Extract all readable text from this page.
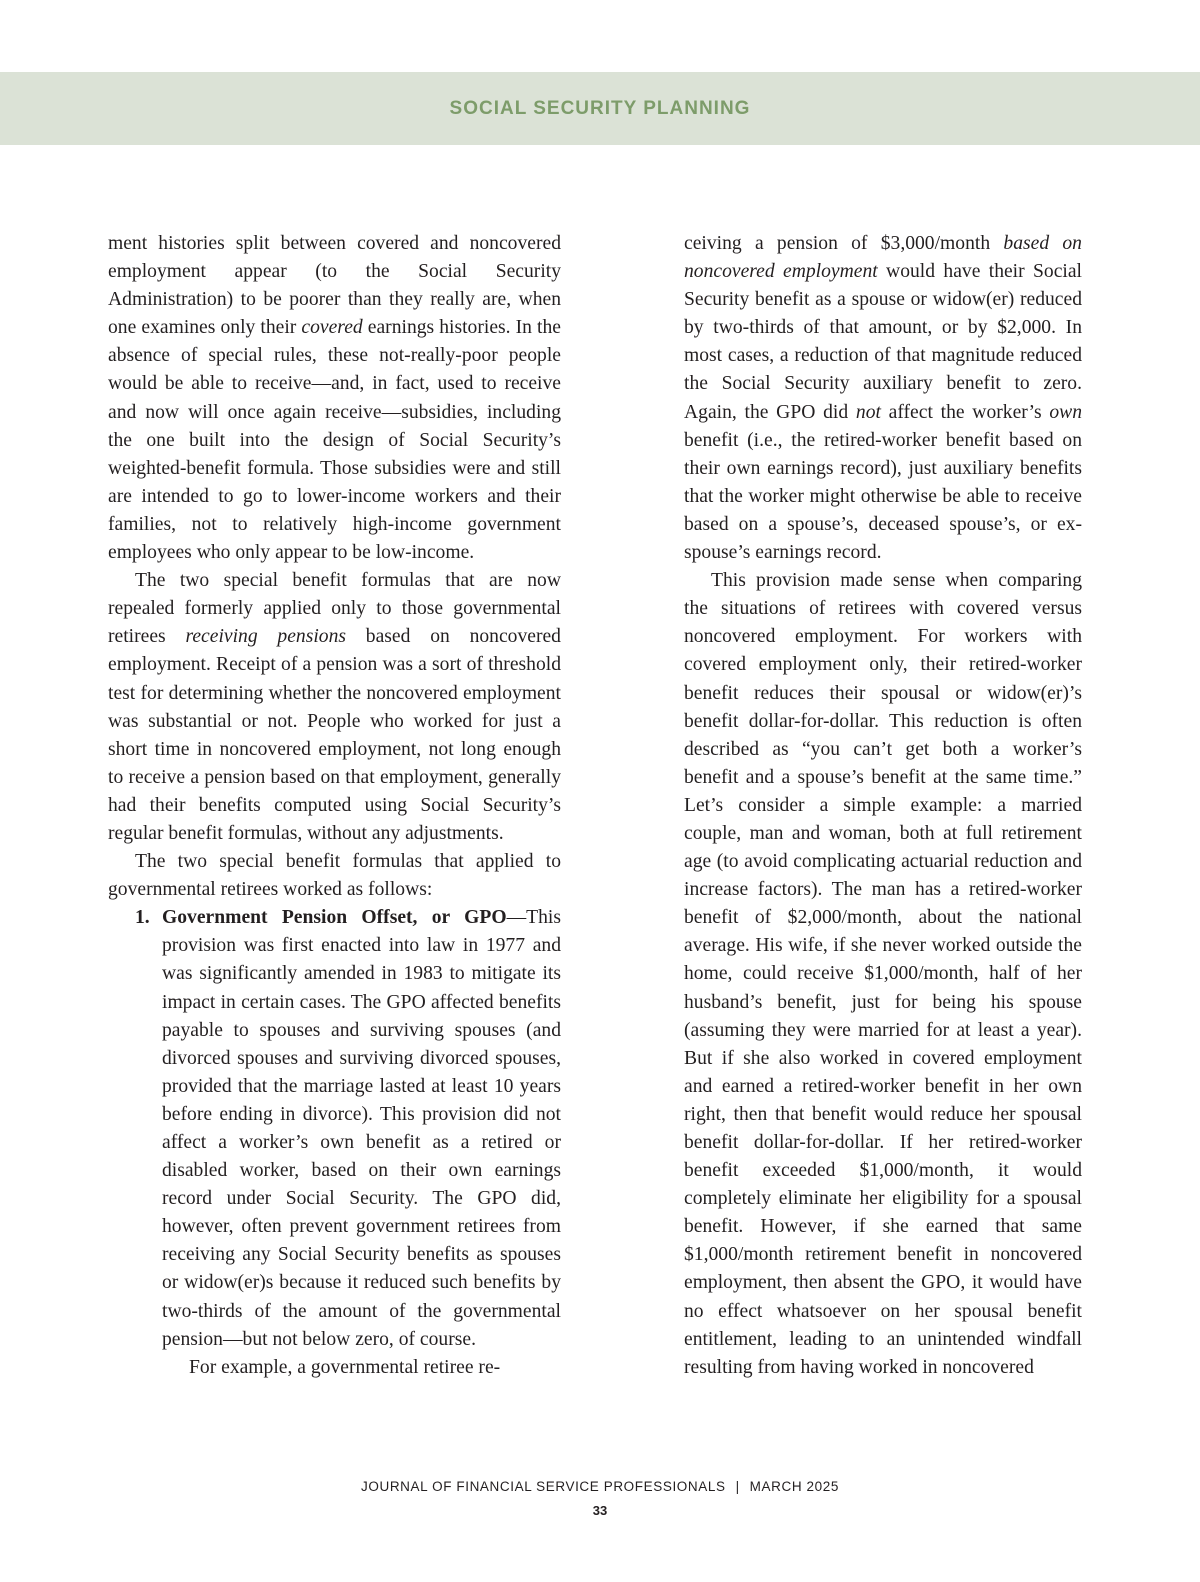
SOCIAL SECURITY PLANNING

ment histories split between covered and noncovered employment appear (to the Social Security Administration) to be poorer than they really are, when one examines only their covered earnings histories. In the absence of special rules, these not-really-poor people would be able to receive—and, in fact, used to receive and now will once again receive—subsidies, including the one built into the design of Social Security’s weighted-benefit formula. Those subsidies were and still are intended to go to lower-income workers and their families, not to relatively high-income government employees who only appear to be low-income.

The two special benefit formulas that are now repealed formerly applied only to those governmental retirees receiving pensions based on noncovered employment. Receipt of a pension was a sort of threshold test for determining whether the noncovered employment was substantial or not. People who worked for just a short time in noncovered employment, not long enough to receive a pension based on that employment, generally had their benefits computed using Social Security’s regular benefit formulas, without any adjustments.

The two special benefit formulas that applied to governmental retirees worked as follows:

1. Government Pension Offset, or GPO—This provision was first enacted into law in 1977 and was significantly amended in 1983 to mitigate its impact in certain cases. The GPO affected benefits payable to spouses and surviving spouses (and divorced spouses and surviving divorced spouses, provided that the marriage lasted at least 10 years before ending in divorce). This provision did not affect a worker’s own benefit as a retired or disabled worker, based on their own earnings record under Social Security. The GPO did, however, often prevent government retirees from receiving any Social Security benefits as spouses or widow(er)s because it reduced such benefits by two-thirds of the amount of the governmental pension—but not below zero, of course.

For example, a governmental retiree re-

ceiving a pension of $3,000/month based on noncovered employment would have their Social Security benefit as a spouse or widow(er) reduced by two-thirds of that amount, or by $2,000. In most cases, a reduction of that magnitude reduced the Social Security auxiliary benefit to zero. Again, the GPO did not affect the worker’s own benefit (i.e., the retired-worker benefit based on their own earnings record), just auxiliary benefits that the worker might otherwise be able to receive based on a spouse’s, deceased spouse’s, or ex-spouse’s earnings record.

This provision made sense when comparing the situations of retirees with covered versus noncovered employment. For workers with covered employment only, their retired-worker benefit reduces their spousal or widow(er)’s benefit dollar-for-dollar. This reduction is often described as “you can’t get both a worker’s benefit and a spouse’s benefit at the same time.” Let’s consider a simple example: a married couple, man and woman, both at full retirement age (to avoid complicating actuarial reduction and increase factors). The man has a retired-worker benefit of $2,000/month, about the national average. His wife, if she never worked outside the home, could receive $1,000/month, half of her husband’s benefit, just for being his spouse (assuming they were married for at least a year). But if she also worked in covered employment and earned a retired-worker benefit in her own right, then that benefit would reduce her spousal benefit dollar-for-dollar. If her retired-worker benefit exceeded $1,000/month, it would completely eliminate her eligibility for a spousal benefit. However, if she earned that same $1,000/month retirement benefit in noncovered employment, then absent the GPO, it would have no effect whatsoever on her spousal benefit entitlement, leading to an unintended windfall resulting from having worked in noncovered

JOURNAL OF FINANCIAL SERVICE PROFESSIONALS | MARCH 2025
33
